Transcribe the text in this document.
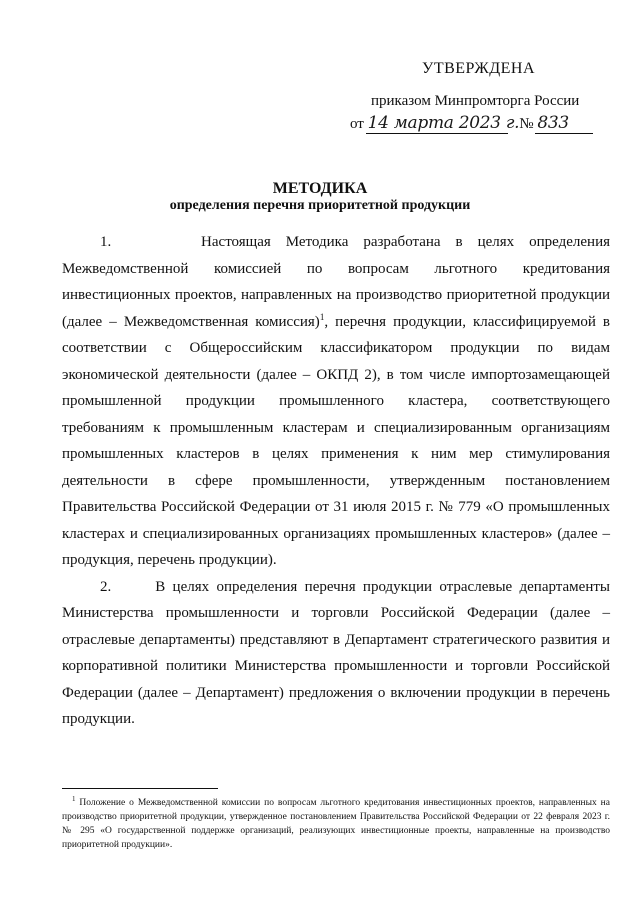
УТВЕРЖДЕНА
приказом Минпромторга России
от 14 марта 2023 г.№ 833
МЕТОДИКА
определения перечня приоритетной продукции

1.      Настоящая Методика разработана в целях определения Межведомственной комиссией по вопросам льготного кредитования инвестиционных проектов, направленных на производство приоритетной продукции (далее – Межведомственная комиссия)$^1$, перечня продукции, классифицируемой в соответствии с Общероссийским классификатором продукции по видам экономической деятельности (далее – ОКПД 2), в том числе импортозамещающей промышленной продукции промышленного кластера, соответствующего требованиям к промышленным кластерам и специализированным организациям промышленных кластеров в целях применения к ним мер стимулирования деятельности в сфере промышленности, утвержденным постановлением Правительства Российской Федерации от 31 июля 2015 г. № 779 «О промышленных кластерах и специализированных организациях промышленных кластеров» (далее – продукция, перечень продукции).

2.      В целях определения перечня продукции отраслевые департаменты Министерства промышленности и торговли Российской Федерации (далее – отраслевые департаменты) представляют в Департамент стратегического развития и корпоративной политики Министерства промышленности и торговли Российской Федерации (далее – Департамент) предложения о включении продукции в перечень продукции.

$^1$ Положение о Межведомственной комиссии по вопросам льготного кредитования инвестиционных проектов, направленных на производство приоритетной продукции, утвержденное постановлением Правительства Российской Федерации от 22 февраля 2023 г. № 295 «О государственной поддержке организаций, реализующих инвестиционные проекты, направленные на производство приоритетной продукции».
